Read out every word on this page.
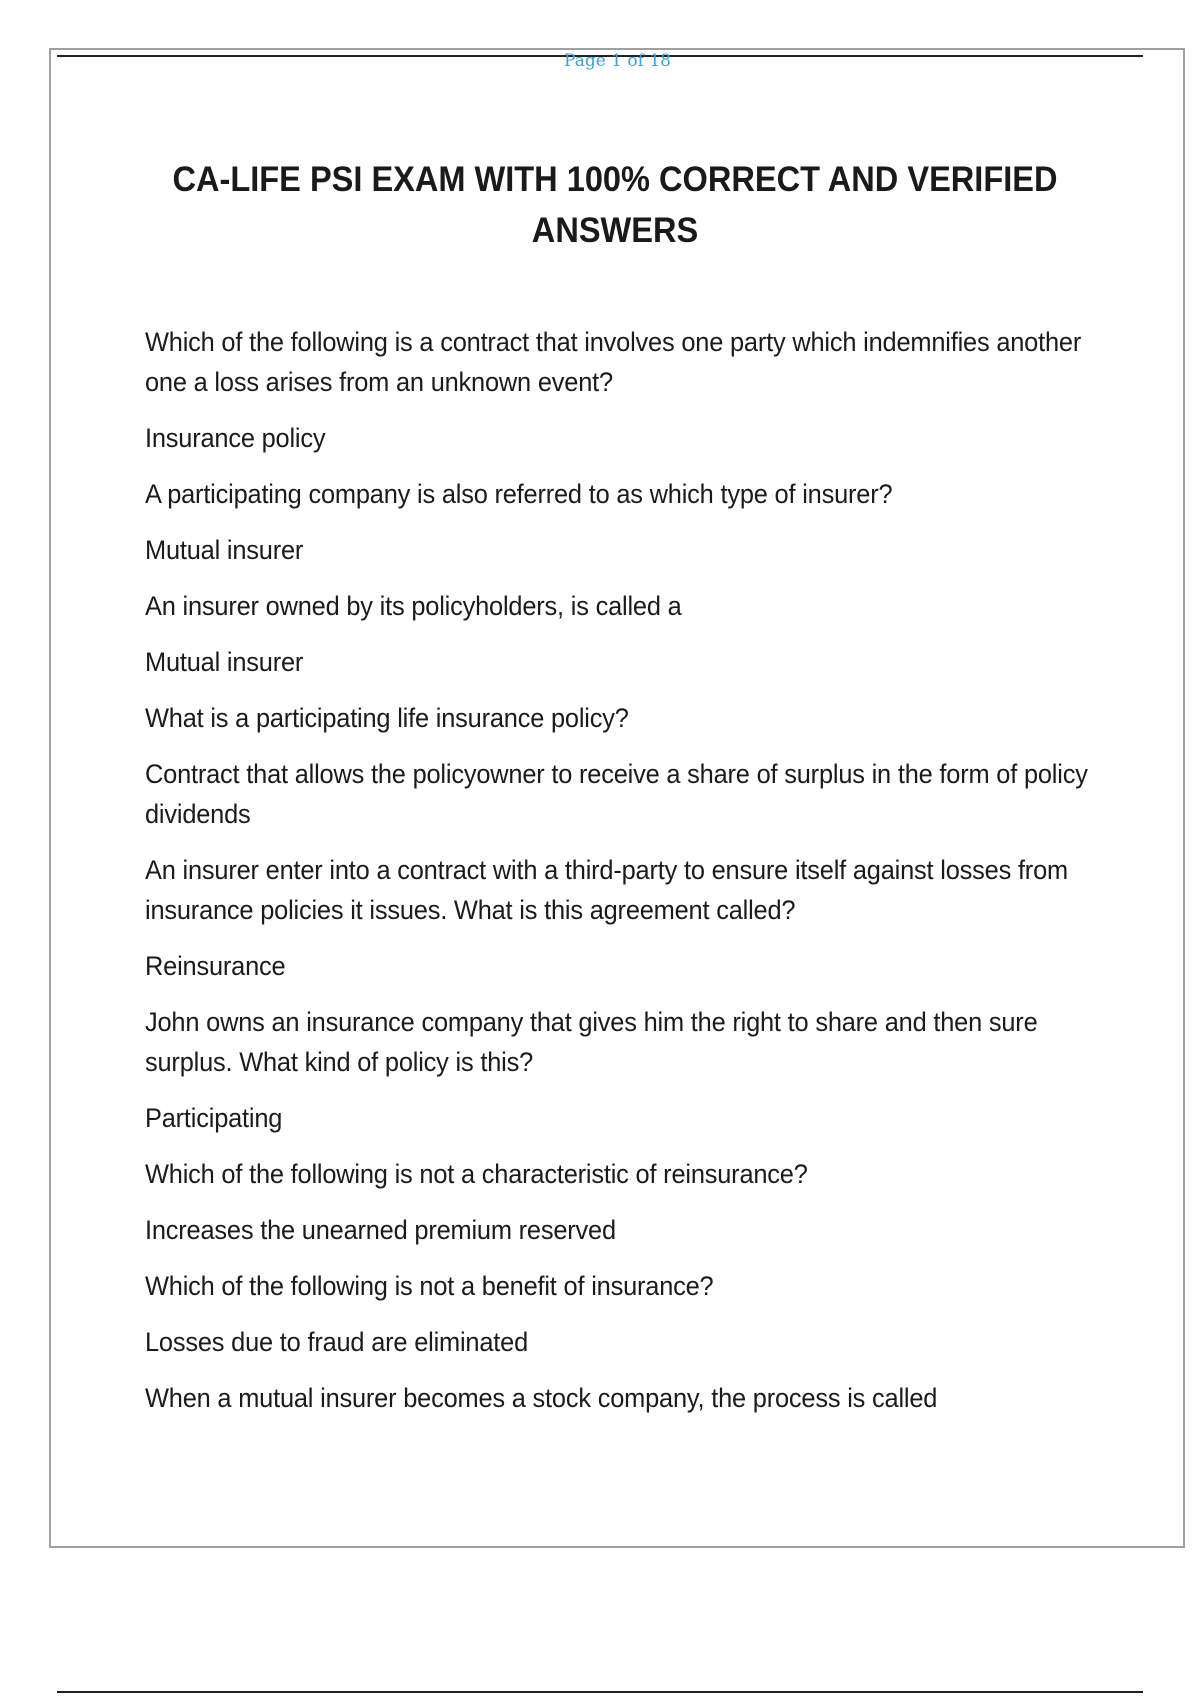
Page 1 of 18
CA-LIFE PSI EXAM WITH 100% CORRECT AND VERIFIED ANSWERS
Which of the following is a contract that involves one party which indemnifies another one a loss arises from an unknown event?
Insurance policy
A participating company is also referred to as which type of insurer?
Mutual insurer
An insurer owned by its policyholders, is called a
Mutual insurer
What is a participating life insurance policy?
Contract that allows the policyowner to receive a share of surplus in the form of policy dividends
An insurer enter into a contract with a third-party to ensure itself against losses from insurance policies it issues. What is this agreement called?
Reinsurance
John owns an insurance company that gives him the right to share and then sure surplus. What kind of policy is this?
Participating
Which of the following is not a characteristic of reinsurance?
Increases the unearned premium reserved
Which of the following is not a benefit of insurance?
Losses due to fraud are eliminated
When a mutual insurer becomes a stock company, the process is called
